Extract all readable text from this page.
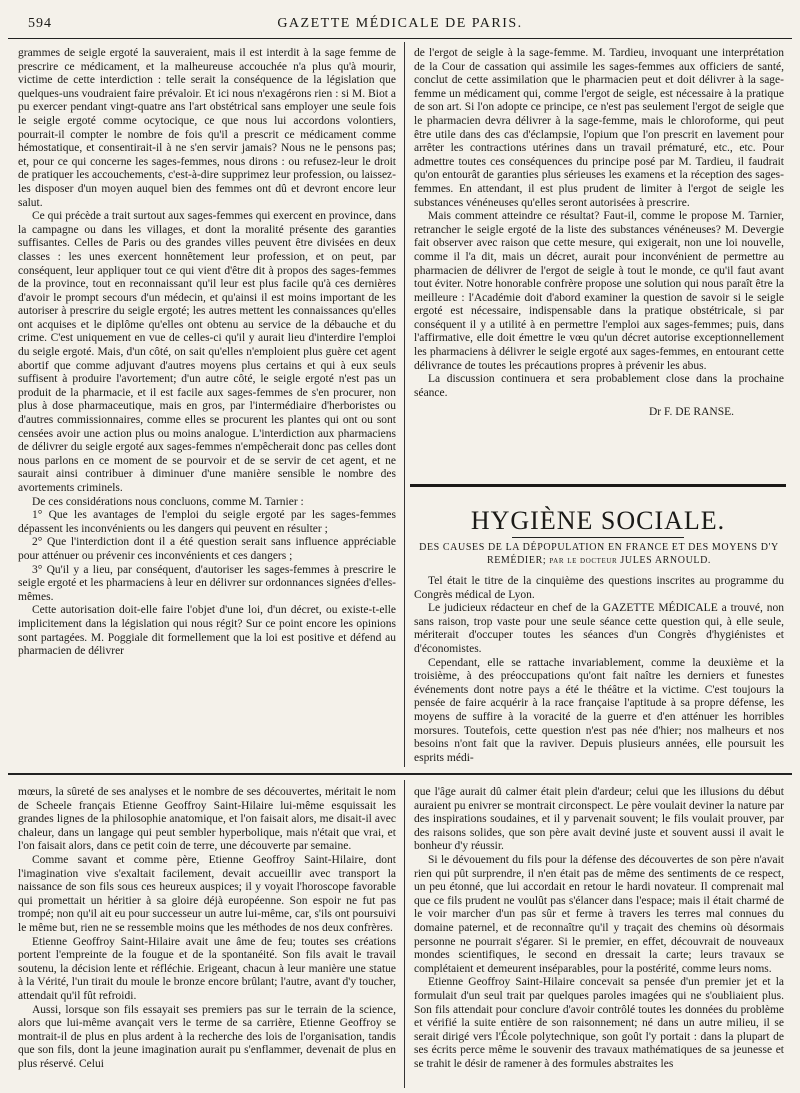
594	GAZETTE MÉDICALE DE PARIS.

grammes de seigle ergoté la sauveraient, mais il est interdit à la sage femme de prescrire ce médicament, et la malheureuse accouchée n'a plus qu'à mourir, victime de cette interdiction : telle serait la conséquence de la législation que quelques-uns voudraient faire prévaloir. Et ici nous n'exagérons rien : si M. Biot a pu exercer pendant vingt-quatre ans l'art obstétrical sans employer une seule fois le seigle ergoté comme ocytocique, ce que nous lui accordons volontiers, pourrait-il compter le nombre de fois qu'il a prescrit ce médicament comme hémostatique, et consentirait-il à ne s'en servir jamais? Nous ne le pensons pas; et, pour ce qui concerne les sages-femmes, nous dirons : ou refusez-leur le droit de pratiquer les accouchements, c'est-à-dire supprimez leur profession, ou laissez-les disposer d'un moyen auquel bien des femmes ont dû et devront encore leur salut.

Ce qui précède a trait surtout aux sages-femmes qui exercent en province, dans la campagne ou dans les villages, et dont la moralité présente des garanties suffisantes. Celles de Paris ou des grandes villes peuvent être divisées en deux classes : les unes exercent honnêtement leur profession, et on peut, par conséquent, leur appliquer tout ce qui vient d'être dit à propos des sages-femmes de la province, tout en reconnaissant qu'il leur est plus facile qu'à ces dernières d'avoir le prompt secours d'un médecin, et qu'ainsi il est moins important de les autoriser à prescrire du seigle ergoté; les autres mettent les connaissances qu'elles ont acquises et le diplôme qu'elles ont obtenu au service de la débauche et du crime. C'est uniquement en vue de celles-ci qu'il y aurait lieu d'interdire l'emploi du seigle ergoté. Mais, d'un côté, on sait qu'elles n'emploient plus guère cet agent abortif que comme adjuvant d'autres moyens plus certains et qui à eux seuls suffisent à produire l'avortement; d'un autre côté, le seigle ergoté n'est pas un produit de la pharmacie, et il est facile aux sages-femmes de s'en procurer, non plus à dose pharmaceutique, mais en gros, par l'intermédiaire d'herboristes ou d'autres commissionnaires, comme elles se procurent les plantes qui ont ou sont censées avoir une action plus ou moins analogue. L'interdiction aux pharmaciens de délivrer du seigle ergoté aux sages-femmes n'empêcherait donc pas celles dont nous parlons en ce moment de se pourvoir et de se servir de cet agent, et ne saurait ainsi contribuer à diminuer d'une manière sensible le nombre des avortements criminels.

De ces considérations nous concluons, comme M. Tarnier :

1° Que les avantages de l'emploi du seigle ergoté par les sages-femmes dépassent les inconvénients ou les dangers qui peuvent en résulter ;

2° Que l'interdiction dont il a été question serait sans influence appréciable pour atténuer ou prévenir ces inconvénients et ces dangers ;

3° Qu'il y a lieu, par conséquent, d'autoriser les sages-femmes à prescrire le seigle ergoté et les pharmaciens à leur en délivrer sur ordonnances signées d'elles-mêmes.

Cette autorisation doit-elle faire l'objet d'une loi, d'un décret, ou existe-t-elle implicitement dans la législation qui nous régit? Sur ce point encore les opinions sont partagées. M. Poggiale dit formellement que la loi est positive et défend au pharmacien de délivrer

de l'ergot de seigle à la sage-femme. M. Tardieu, invoquant une interprétation de la Cour de cassation qui assimile les sages-femmes aux officiers de santé, conclut de cette assimilation que le pharmacien peut et doit délivrer à la sage-femme un médicament qui, comme l'ergot de seigle, est nécessaire à la pratique de son art. Si l'on adopte ce principe, ce n'est pas seulement l'ergot de seigle que le pharmacien devra délivrer à la sage-femme, mais le chloroforme, qui peut être utile dans des cas d'éclampsie, l'opium que l'on prescrit en lavement pour arrêter les contractions utérines dans un travail prématuré, etc., etc. Pour admettre toutes ces conséquences du principe posé par M. Tardieu, il faudrait qu'on entourât de garanties plus sérieuses les examens et la réception des sages-femmes. En attendant, il est plus prudent de limiter à l'ergot de seigle les substances vénéneuses qu'elles seront autorisées à prescrire.

Mais comment atteindre ce résultat? Faut-il, comme le propose M. Tarnier, retrancher le seigle ergoté de la liste des substances vénéneuses? M. Devergie fait observer avec raison que cette mesure, qui exigerait, non une loi nouvelle, comme il l'a dit, mais un décret, aurait pour inconvénient de permettre au pharmacien de délivrer de l'ergot de seigle à tout le monde, ce qu'il faut avant tout éviter. Notre honorable confrère propose une solution qui nous paraît être la meilleure : l'Académie doit d'abord examiner la question de savoir si le seigle ergoté est nécessaire, indispensable dans la pratique obstétricale, si par conséquent il y a utilité à en permettre l'emploi aux sages-femmes; puis, dans l'affirmative, elle doit émettre le vœu qu'un décret autorise exceptionnellement les pharmaciens à délivrer le seigle ergoté aux sages-femmes, en entourant cette délivrance de toutes les précautions propres à prévenir les abus.

La discussion continuera et sera probablement close dans la prochaine séance.

Dr F. DE RANSE.
HYGIÈNE SOCIALE.
DES CAUSES DE LA DÉPOPULATION EN FRANCE ET DES MOYENS D'Y REMÉDIER; par le docteur JULES ARNOULD.

Tel était le titre de la cinquième des questions inscrites au programme du Congrès médical de Lyon.

Le judicieux rédacteur en chef de la GAZETTE MÉDICALE a trouvé, non sans raison, trop vaste pour une seule séance cette question qui, à elle seule, mériterait d'occuper toutes les séances d'un Congrès d'hygiénistes et d'économistes.

Cependant, elle se rattache invariablement, comme la deuxième et la troisième, à des préoccupations qu'ont fait naître les derniers et funestes événements dont notre pays a été le théâtre et la victime. C'est toujours la pensée de faire acquérir à la race française l'aptitude à sa propre défense, les moyens de suffire à la voracité de la guerre et d'en atténuer les horribles morsures. Toutefois, cette question n'est pas née d'hier; nos malheurs et nos besoins n'ont fait que la raviver. Depuis plusieurs années, elle poursuit les esprits médi-

mœurs, la sûreté de ses analyses et le nombre de ses découvertes, méritait le nom de Scheele français Etienne Geoffroy Saint-Hilaire lui-même esquissait les grandes lignes de la philosophie anatomique, et l'on faisait alors, me disait-il avec chaleur, dans un langage qui peut sembler hyperbolique, mais n'était que vrai, et l'on faisait alors, dans ce petit coin de terre, une découverte par semaine.

Comme savant et comme père, Etienne Geoffroy Saint-Hilaire, dont l'imagination vive s'exaltait facilement, devait accueillir avec transport la naissance de son fils sous ces heureux auspices; il y voyait l'horoscope favorable qui promettait un héritier à sa gloire déjà européenne. Son espoir ne fut pas trompé; non qu'il ait eu pour successeur un autre lui-même, car, s'ils ont poursuivi le même but, rien ne se ressemble moins que les méthodes de nos deux confrères.

Etienne Geoffroy Saint-Hilaire avait une âme de feu; toutes ses créations portent l'empreinte de la fougue et de la spontanéité. Son fils avait le travail soutenu, la décision lente et réfléchie. Erigeant, chacun à leur manière une statue à la Vérité, l'un tirait du moule le bronze encore brûlant; l'autre, avant d'y toucher, attendait qu'il fût refroidi.

Aussi, lorsque son fils essayait ses premiers pas sur le terrain de la science, alors que lui-même avançait vers le terme de sa carrière, Etienne Geoffroy se montrait-il de plus en plus ardent à la recherche des lois de l'organisation, tandis que son fils, dont la jeune imagination aurait pu s'enflammer, devenait de plus en plus réservé. Celui

que l'âge aurait dû calmer était plein d'ardeur; celui que les illusions du début auraient pu enivrer se montrait circonspect. Le père voulait deviner la nature par des inspirations soudaines, et il y parvenait souvent; le fils voulait prouver, par des raisons solides, que son père avait deviné juste et souvent aussi il avait le bonheur d'y réussir.

Si le dévouement du fils pour la défense des découvertes de son père n'avait rien qui pût surprendre, il n'en était pas de même des sentiments de ce respect, un peu étonné, que lui accordait en retour le hardi novateur. Il comprenait mal que ce fils prudent ne voulût pas s'élancer dans l'espace; mais il était charmé de le voir marcher d'un pas sûr et ferme à travers les terres mal connues du domaine paternel, et de reconnaître qu'il y traçait des chemins où désormais personne ne pourrait s'égarer. Si le premier, en effet, découvrait de nouveaux mondes scientifiques, le second en dressait la carte; leurs travaux se complétaient et demeurent inséparables, pour la postérité, comme leurs noms.

Etienne Geoffroy Saint-Hilaire concevait sa pensée d'un premier jet et la formulait d'un seul trait par quelques paroles imagées qui ne s'oubliaient plus. Son fils attendait pour conclure d'avoir contrôlé toutes les données du problème et vérifié la suite entière de son raisonnement; né dans un autre milieu, il se serait dirigé vers l'École polytechnique, son goût l'y portait : dans la plupart de ses écrits perce même le souvenir des travaux mathématiques de sa jeunesse et se trahit le désir de ramener à des formules abstraites les
